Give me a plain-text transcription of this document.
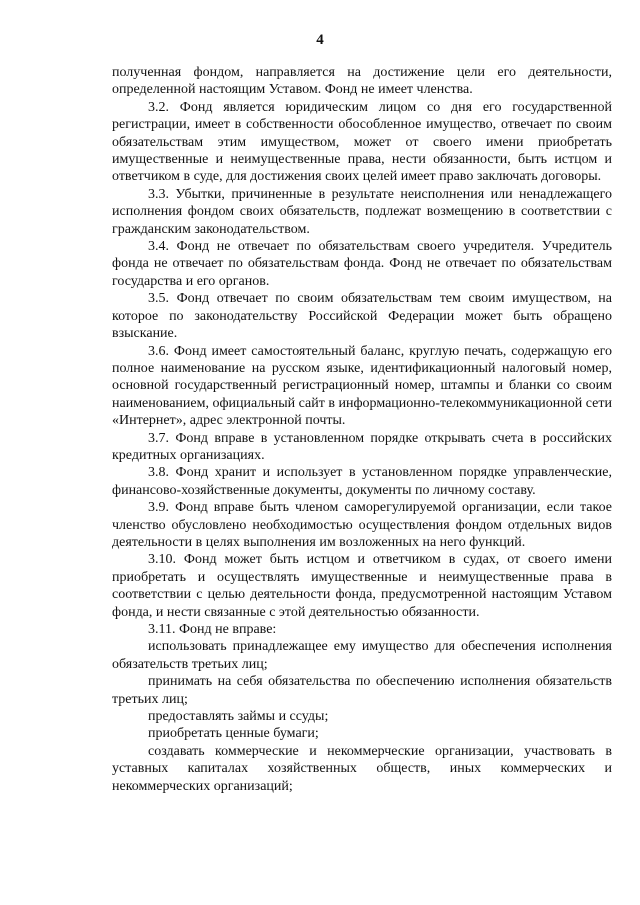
4

полученная фондом, направляется на достижение цели его деятельности, определенной настоящим Уставом. Фонд не имеет членства.

3.2. Фонд является юридическим лицом со дня его государственной регистрации, имеет в собственности обособленное имущество, отвечает по своим обязательствам этим имуществом, может от своего имени приобретать имущественные и неимущественные права, нести обязанности, быть истцом и ответчиком в суде, для достижения своих целей имеет право заключать договоры.

3.3. Убытки, причиненные в результате неисполнения или ненадлежащего исполнения фондом своих обязательств, подлежат возмещению в соответствии с гражданским законодательством.

3.4. Фонд не отвечает по обязательствам своего учредителя. Учредитель фонда не отвечает по обязательствам фонда. Фонд не отвечает по обязательствам государства и его органов.

3.5. Фонд отвечает по своим обязательствам тем своим имуществом, на которое по законодательству Российской Федерации может быть обращено взыскание.

3.6. Фонд имеет самостоятельный баланс, круглую печать, содержащую его полное наименование на русском языке, идентификационный налоговый номер, основной государственный регистрационный номер, штампы и бланки со своим наименованием, официальный сайт в информационно-телекоммуникационной сети «Интернет», адрес электронной почты.

3.7. Фонд вправе в установленном порядке открывать счета в российских кредитных организациях.

3.8. Фонд хранит и использует в установленном порядке управленческие, финансово-хозяйственные документы, документы по личному составу.

3.9. Фонд вправе быть членом саморегулируемой организации, если такое членство обусловлено необходимостью осуществления фондом отдельных видов деятельности в целях выполнения им возложенных на него функций.

3.10. Фонд может быть истцом и ответчиком в судах, от своего имени приобретать и осуществлять имущественные и неимущественные права в соответствии с целью деятельности фонда, предусмотренной настоящим Уставом фонда, и нести связанные с этой деятельностью обязанности.

3.11. Фонд не вправе:

использовать принадлежащее ему имущество для обеспечения исполнения обязательств третьих лиц;

принимать на себя обязательства по обеспечению исполнения обязательств третьих лиц;

предоставлять займы и ссуды;

приобретать ценные бумаги;

создавать коммерческие и некоммерческие организации, участвовать в уставных капиталах хозяйственных обществ, иных коммерческих и некоммерческих организаций;
